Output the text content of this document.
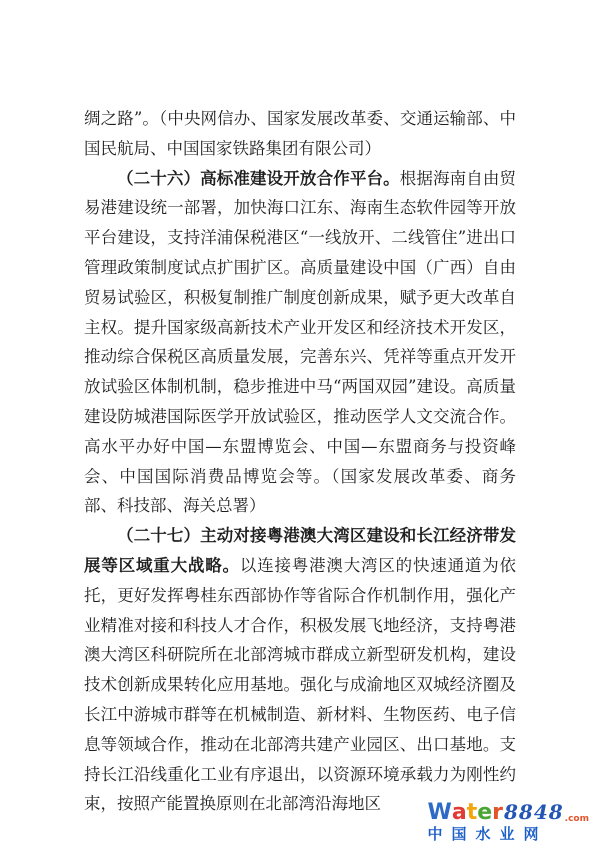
绸之路”。（中央网信办、国家发展改革委、交通运输部、中国民航局、中国国家铁路集团有限公司）

（二十六）高标准建设开放合作平台。根据海南自由贸易港建设统一部署，加快海口江东、海南生态软件园等开放平台建设，支持洋浦保税港区“一线放开、二线管住”进出口管理政策制度试点扩围扩区。高质量建设中国（广西）自由贸易试验区，积极复制推广制度创新成果，赋予更大改革自主权。提升国家级高新技术产业开发区和经济技术开发区，推动综合保税区高质量发展，完善东兴、凭祥等重点开发开放试验区体制机制，稳步推进中马“两国双园”建设。高质量建设防城港国际医学开放试验区，推动医学人文交流合作。高水平办好中国—东盟博览会、中国—东盟商务与投资峰会、中国国际消费品博览会等。（国家发展改革委、商务部、科技部、海关总署）

（二十七）主动对接粤港澳大湾区建设和长江经济带发展等区域重大战略。以连接粤港澳大湾区的快速通道为依托，更好发挥粤桂东西部协作等省际合作机制作用，强化产业精准对接和科技人才合作，积极发展飞地经济，支持粤港澳大湾区科研院所在北部湾城市群成立新型研发机构，建设技术创新成果转化应用基地。强化与成渝地区双城经济圈及长江中游城市群等在机械制造、新材料、生物医药、电子信息等领域合作，推动在北部湾共建产业园区、出口基地。支持长江沿线重化工业有序退出，以资源环境承载力为刚性约束，按照产能置换原则在北部湾沿海地区	W a t e r 8848 .com
中国水业网
